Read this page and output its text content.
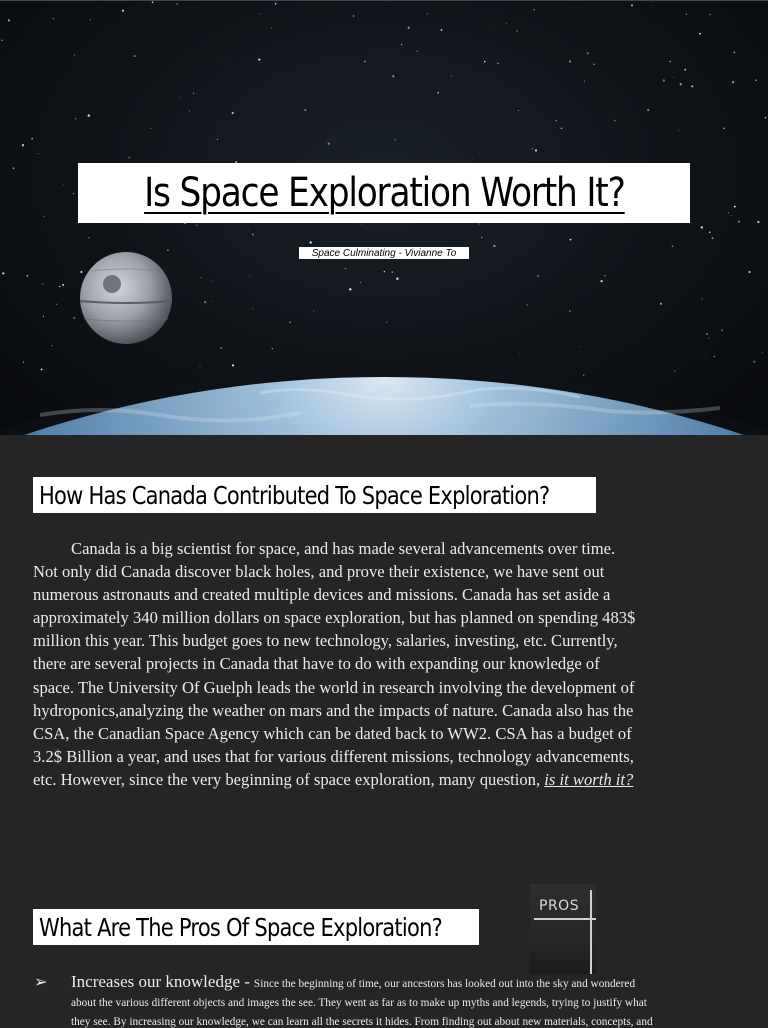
Is Space Exploration Worth It?
Space Culminating - Vivianne To
How Has Canada Contributed To Space Exploration?
Canada is a big scientist for space, and has made several advancements over time.
Not only did Canada discover black holes, and prove their existence, we have sent out
numerous astronauts and created multiple devices and missions. Canada has set aside a
approximately 340 million dollars on space exploration, but has planned on spending 483$
million this year. This budget goes to new technology, salaries, investing, etc. Currently,
there are several projects in Canada that have to do with expanding our knowledge of
space. The University Of Guelph leads the world in research involving the development of
hydroponics,analyzing the weather on mars and the impacts of nature. Canada also has the
CSA, the Canadian Space Agency which can be dated back to WW2. CSA has a budget of
3.2$ Billion a year, and uses that for various different missions, technology advancements,
etc. However, since the very beginning of space exploration, many question, is it worth it?
What Are The Pros Of Space Exploration?
PROS
➢ Increases our knowledge - Since the beginning of time, our ancestors has looked out into the sky and wondered
about the various different objects and images the see. They went as far as to make up myths and legends, trying to justify what
they see. By increasing our knowledge, we can learn all the secrets it hides. From finding out about new materials, concepts, and
